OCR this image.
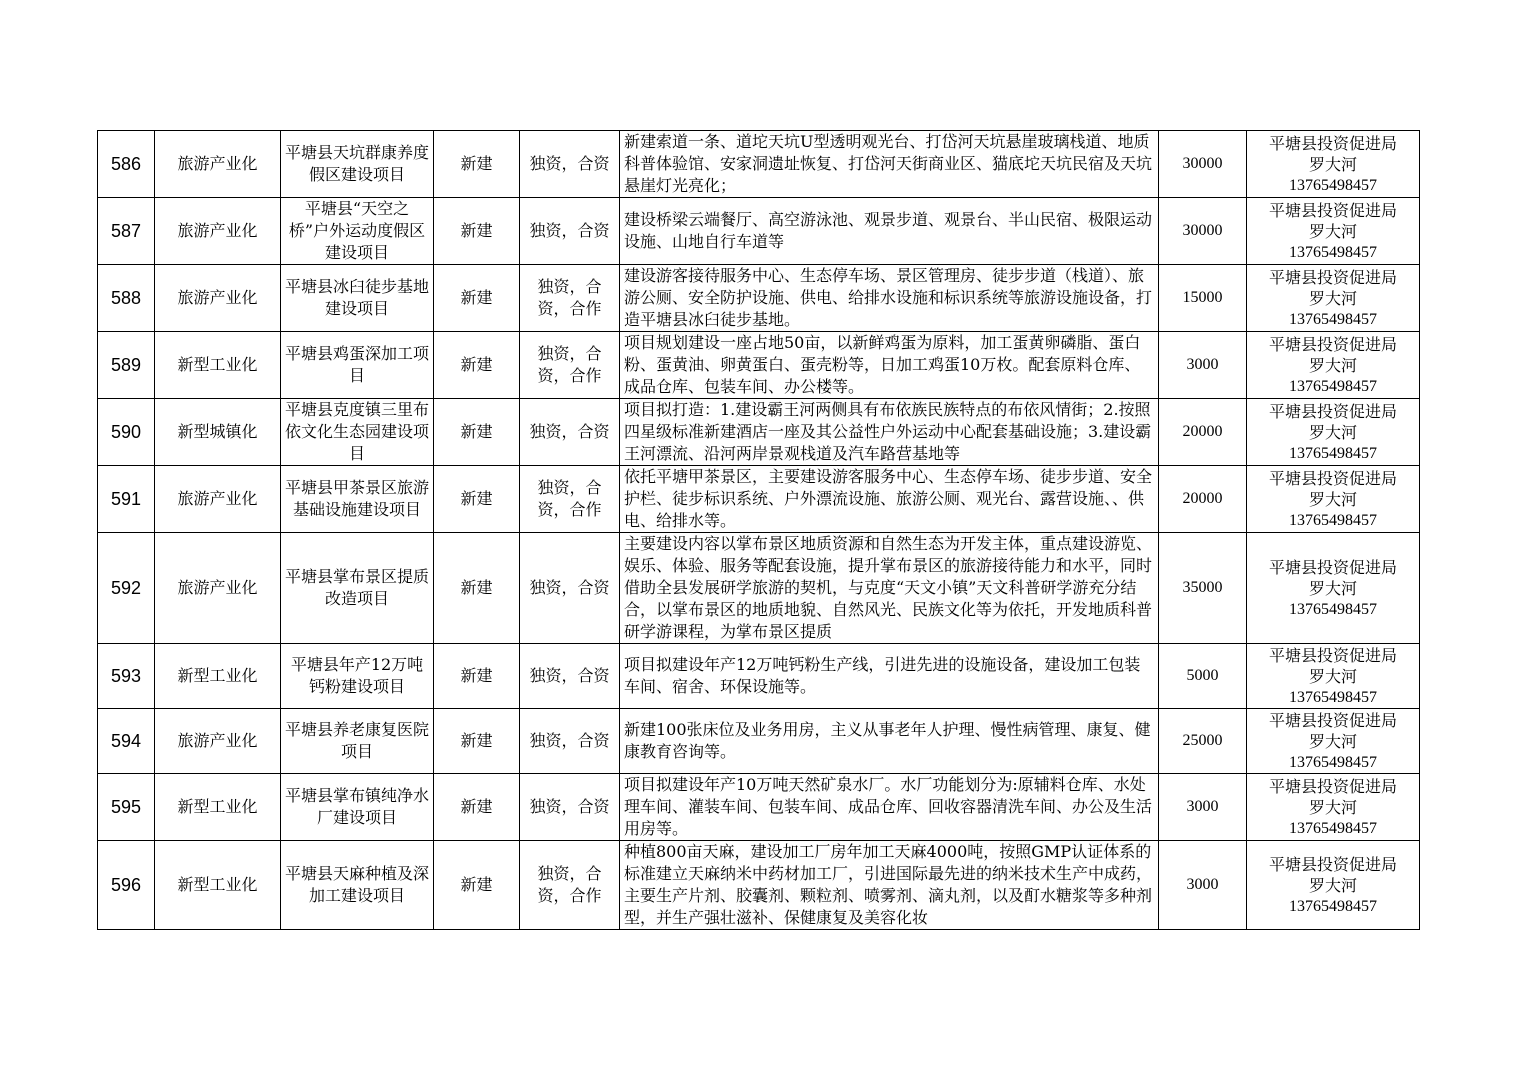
586	旅游产业化	平塘县天坑群康养度假区建设项目	新建	独资，合资	新建索道一条、道坨天坑U型透明观光台、打岱河天坑悬崖玻璃栈道、地质科普体验馆、安家洞遗址恢复、打岱河天街商业区、猫底坨天坑民宿及天坑悬崖灯光亮化；	30000	平塘县投资促进局
罗大河
13765498457

587	旅游产业化	平塘县“天空之桥”户外运动度假区建设项目	新建	独资，合资	建设桥梁云端餐厅、高空游泳池、观景步道、观景台、半山民宿、极限运动设施、山地自行车道等	30000	平塘县投资促进局
罗大河
13765498457

588	旅游产业化	平塘县冰臼徒步基地建设项目	新建	独资，合资，合作	建设游客接待服务中心、生态停车场、景区管理房、徒步步道（栈道）、旅游公厕、安全防护设施、供电、给排水设施和标识系统等旅游设施设备，打造平塘县冰臼徒步基地。	15000	平塘县投资促进局
罗大河
13765498457

589	新型工业化	平塘县鸡蛋深加工项目	新建	独资，合资，合作	项目规划建设一座占地50亩，以新鲜鸡蛋为原料，加工蛋黄卵磷脂、蛋白粉、蛋黄油、卵黄蛋白、蛋壳粉等，日加工鸡蛋10万枚。配套原料仓库、成品仓库、包装车间、办公楼等。	3000	平塘县投资促进局
罗大河
13765498457

590	新型城镇化	平塘县克度镇三里布依文化生态园建设项目	新建	独资，合资	项目拟打造：1.建设霸王河两侧具有布依族民族特点的布依风情街；2.按照四星级标准新建酒店一座及其公益性户外运动中心配套基础设施；3.建设霸王河漂流、沿河两岸景观栈道及汽车路营基地等	20000	平塘县投资促进局
罗大河
13765498457

591	旅游产业化	平塘县甲茶景区旅游基础设施建设项目	新建	独资，合资，合作	依托平塘甲茶景区，主要建设游客服务中心、生态停车场、徒步步道、安全护栏、徒步标识系统、户外漂流设施、旅游公厕、观光台、露营设施、、供电、给排水等。	20000	平塘县投资促进局
罗大河
13765498457

592	旅游产业化	平塘县掌布景区提质改造项目	新建	独资，合资	主要建设内容以掌布景区地质资源和自然生态为开发主体，重点建设游览、娱乐、体验、服务等配套设施，提升掌布景区的旅游接待能力和水平，同时借助全县发展研学旅游的契机，与克度“天文小镇”天文科普研学游充分结合，以掌布景区的地质地貌、自然风光、民族文化等为依托，开发地质科普研学游课程，为掌布景区提质	35000	平塘县投资促进局
罗大河
13765498457

593	新型工业化	平塘县年产12万吨钙粉建设项目	新建	独资，合资	项目拟建设年产12万吨钙粉生产线，引进先进的设施设备，建设加工包装车间、宿舍、环保设施等。	5000	平塘县投资促进局
罗大河
13765498457

594	旅游产业化	平塘县养老康复医院项目	新建	独资，合资	新建100张床位及业务用房，主义从事老年人护理、慢性病管理、康复、健康教育咨询等。	25000	平塘县投资促进局
罗大河
13765498457

595	新型工业化	平塘县掌布镇纯净水厂建设项目	新建	独资，合资	项目拟建设年产10万吨天然矿泉水厂。水厂功能划分为:原辅料仓库、水处理车间、灌装车间、包装车间、成品仓库、回收容器清洗车间、办公及生活用房等。	3000	平塘县投资促进局
罗大河
13765498457

596	新型工业化	平塘县天麻种植及深加工建设项目	新建	独资，合资，合作	种植800亩天麻，建设加工厂房年加工天麻4000吨，按照GMP认证体系的标准建立天麻纳米中药材加工厂，引进国际最先进的纳米技术生产中成药，主要生产片剂、胶囊剂、颗粒剂、喷雾剂、滴丸剂，以及酊水糖浆等多种剂型，并生产强壮滋补、保健康复及美容化妆	3000	平塘县投资促进局
罗大河
13765498457
